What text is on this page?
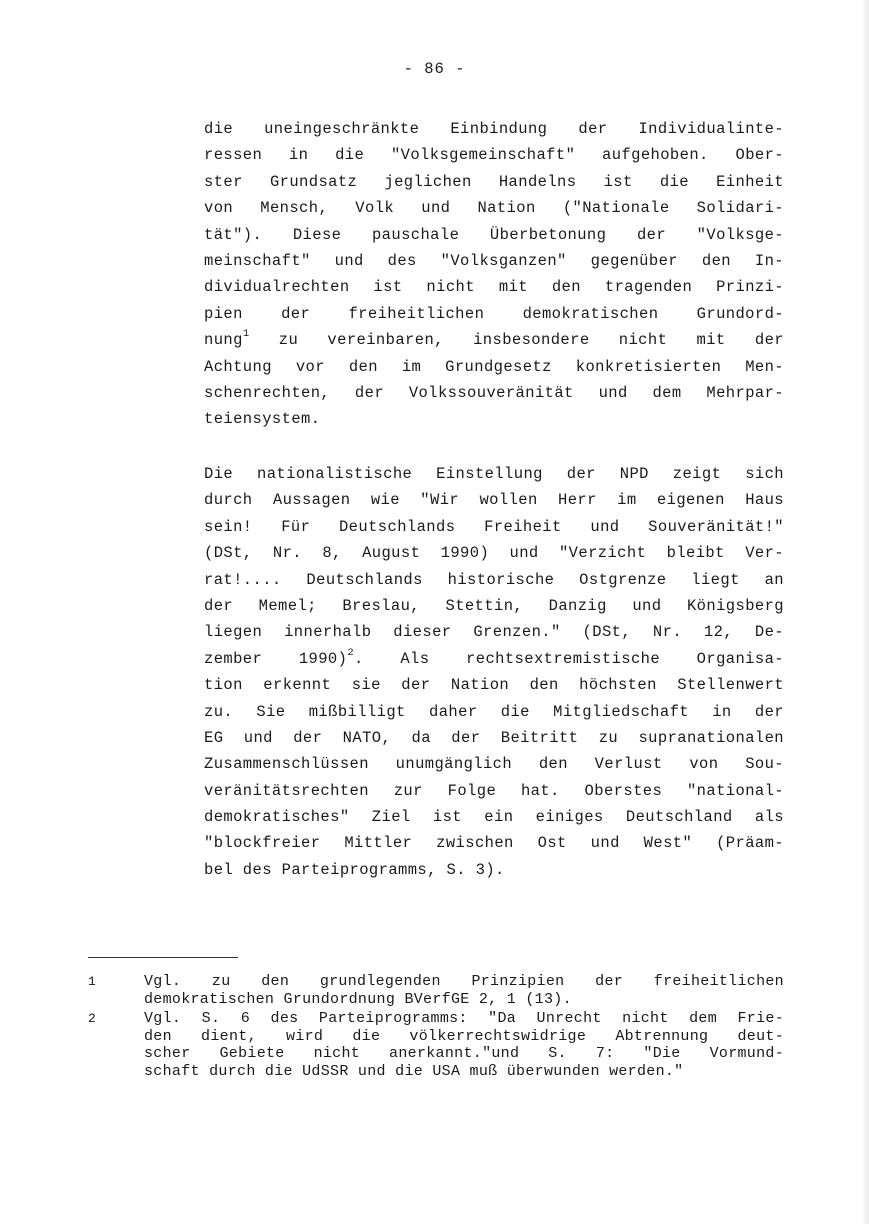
- 86 -
die uneingeschränkte Einbindung der Individualinte-
ressen in die "Volksgemeinschaft" aufgehoben. Ober-
ster Grundsatz jeglichen Handelns ist die Einheit
von Mensch, Volk und Nation ("Nationale Solidari-
tät"). Diese pauschale Überbetonung der "Volksge-
meinschaft" und des "Volksganzen" gegenüber den In-
dividualrechten ist nicht mit den tragenden Prinzi-
pien der freiheitlichen demokratischen Grundord-
nung$^1$ zu vereinbaren, insbesondere nicht mit der
Achtung vor den im Grundgesetz konkretisierten Men-
schenrechten, der Volkssouveränität und dem Mehrpar-
teiensystem.
Die nationalistische Einstellung der NPD zeigt sich
durch Aussagen wie "Wir wollen Herr im eigenen Haus
sein! Für Deutschlands Freiheit und Souveränität!"
(DSt, Nr. 8, August 1990) und "Verzicht bleibt Ver-
rat!.... Deutschlands historische Ostgrenze liegt an
der Memel; Breslau, Stettin, Danzig und Königsberg
liegen innerhalb dieser Grenzen." (DSt, Nr. 12, De-
zember 1990)$^2$. Als rechtsextremistische Organisa-
tion erkennt sie der Nation den höchsten Stellenwert
zu. Sie mißbilligt daher die Mitgliedschaft in der
EG und der NATO, da der Beitritt zu supranationalen
Zusammenschlüssen unumgänglich den Verlust von Sou-
veränitätsrechten zur Folge hat. Oberstes "national-
demokratisches" Ziel ist ein einiges Deutschland als
"blockfreier Mittler zwischen Ost und West" (Präam-
bel des Parteiprogramms, S. 3).
1	Vgl. zu den grundlegenden Prinzipien der freiheitlichen
demokratischen Grundordnung BVerfGE 2, 1 (13).
2	Vgl. S. 6 des Parteiprogramms: "Da Unrecht nicht dem Frie-
den dient, wird die völkerrechtswidrige Abtrennung deut-
scher Gebiete nicht anerkannt."und S. 7: "Die Vormund-
schaft durch die UdSSR und die USA muß überwunden werden."
